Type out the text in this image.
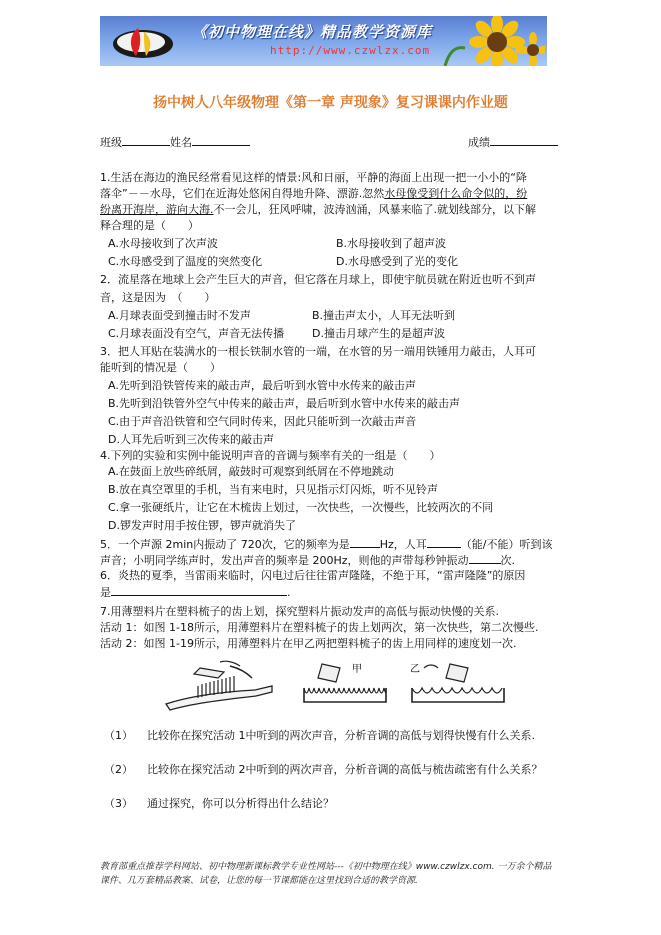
《初中物理在线》精品教学资源库
http://www.czwlzx.com
扬中树人八年级物理《第一章 声现象》复习课课内作业题
班级	姓名	成绩
1.生活在海边的渔民经常看见这样的情景:风和日丽，平静的海面上出现一把一小小的“降
落伞”－－水母，它们在近海处悠闲自得地升降、漂游.忽然水母像受到什么命令似的，纷
纷离开海岸，游向大海.不一会儿，狂风呼啸，波涛汹涌，风暴来临了.就划线部分，以下解
释合理的是（　　）
A.水母接收到了次声波	B.水母接收到了超声波
C.水母感受到了温度的突然变化	D.水母感受到了光的变化
2．流星落在地球上会产生巨大的声音，但它落在月球上，即使宇航员就在附近也听不到声
音，这是因为　（　　）
A.月球表面受到撞击时不发声	B.撞击声太小，人耳无法听到
C.月球表面没有空气，声音无法传播	D.撞击月球产生的是超声波
3．把人耳贴在装满水的一根长铁制水管的一端，在水管的另一端用铁锤用力敲击，人耳可
能听到的情况是（　　）
A.先听到沿铁管传来的敲击声，最后听到水管中水传来的敲击声
B.先听到沿铁管外空气中传来的敲击声，最后听到水管中水传来的敲击声
C.由于声音沿铁管和空气同时传来，因此只能听到一次敲击声音
D.人耳先后听到三次传来的敲击声
4.下列的实验和实例中能说明声音的音调与频率有关的一组是（　　）
A.在鼓面上放些碎纸屑，敲鼓时可观察到纸屑在不停地跳动
B.放在真空罩里的手机，当有来电时，只见指示灯闪烁，听不见铃声
C.拿一张硬纸片，让它在木梳齿上划过，一次快些，一次慢些，比较两次的不同
D.锣发声时用手按住锣，锣声就消失了
5．一个声源 2min内振动了 720次，它的频率为是	Hz，人耳	（能/不能）听到该
声音；小明同学练声时，发出声音的频率是 200Hz，则他的声带每秒钟振动	次.
6．炎热的夏季，当雷雨来临时，闪电过后往往雷声隆隆，不绝于耳，“雷声隆隆”的原因
是	.
7.用薄塑料片在塑料梳子的齿上划，探究塑料片振动发声的高低与振动快慢的关系.
活动 1：如图 1-18所示，用薄塑料片在塑料梳子的齿上划两次，第一次快些，第二次慢些.
活动 2：如图 1-19所示，用薄塑料片在甲乙两把塑料梳子的齿上用同样的速度划一次.
甲	乙
（1） 比较你在探究活动 1中听到的两次声音，分析音调的高低与划得快慢有什么关系.
（2） 比较你在探究活动 2中听到的两次声音，分析音调的高低与梳齿疏密有什么关系？
（3） 通过探究，你可以分析得出什么结论？
教育部重点推荐学科网站、初中物理新课标教学专业性网站---《初中物理在线》www.czwlzx.com. 一万余个精品课件、几万套精品教案、试卷，让您的每一节课都能在这里找到合适的教学资源.
